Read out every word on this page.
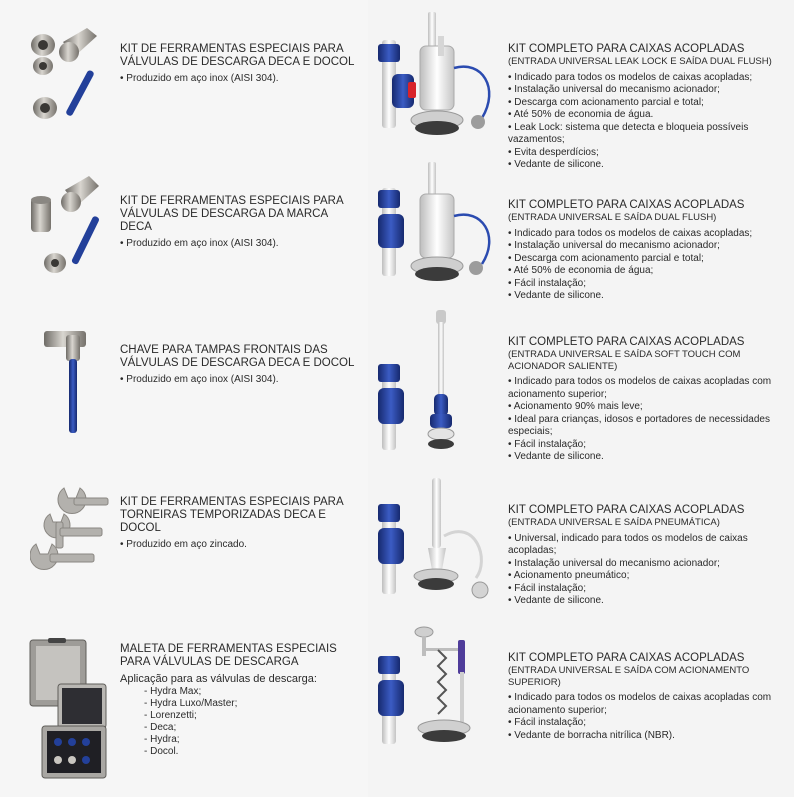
KIT DE FERRAMENTAS ESPECIAIS PARA VÁLVULAS DE DESCARGA DECA E DOCOL
• Produzido em aço inox (AISI 304).
KIT DE FERRAMENTAS ESPECIAIS PARA VÁLVULAS DE DESCARGA DA MARCA DECA
• Produzido em aço inox (AISI 304).
CHAVE PARA TAMPAS FRONTAIS DAS VÁLVULAS DE DESCARGA DECA E DOCOL
• Produzido em aço inox (AISI 304).
KIT DE FERRAMENTAS ESPECIAIS PARA TORNEIRAS TEMPORIZADAS DECA E DOCOL
• Produzido em aço zincado.
MALETA DE FERRAMENTAS ESPECIAIS PARA VÁLVULAS DE DESCARGA
Aplicação para as válvulas de descarga:
- Hydra Max;
- Hydra Luxo/Master;
- Lorenzetti;
- Deca;
- Hydra;
- Docol.
KIT COMPLETO PARA CAIXAS ACOPLADAS
(ENTRADA UNIVERSAL LEAK LOCK E SAÍDA DUAL FLUSH)
• Indicado para todos os modelos de caixas acopladas;
• Instalação universal do mecanismo acionador;
• Descarga com acionamento parcial e total;
• Até 50% de economia de água.
• Leak Lock: sistema que detecta e bloqueia possíveis vazamentos;
• Evita desperdícios;
• Vedante de silicone.
KIT COMPLETO PARA CAIXAS ACOPLADAS
(ENTRADA UNIVERSAL E SAÍDA DUAL FLUSH)
• Indicado para todos os modelos de caixas acopladas;
• Instalação universal do mecanismo acionador;
• Descarga com acionamento parcial e total;
• Até 50% de economia de água;
• Fácil instalação;
• Vedante de silicone.
KIT COMPLETO PARA CAIXAS ACOPLADAS
(ENTRADA UNIVERSAL E SAÍDA SOFT TOUCH COM ACIONADOR SALIENTE)
• Indicado para todos os modelos de caixas acopladas com acionamento superior;
• Acionamento 90% mais leve;
• Ideal para crianças, idosos e portadores de necessidades especiais;
• Fácil instalação;
• Vedante de silicone.
KIT COMPLETO PARA CAIXAS ACOPLADAS
(ENTRADA UNIVERSAL E SAÍDA PNEUMÁTICA)
• Universal, indicado para todos os modelos de caixas acopladas;
• Instalação universal do mecanismo acionador;
• Acionamento pneumático;
• Fácil instalação;
• Vedante de silicone.
KIT COMPLETO PARA CAIXAS ACOPLADAS
(ENTRADA UNIVERSAL E SAÍDA COM ACIONAMENTO SUPERIOR)
• Indicado para todos os modelos de caixas acopladas com acionamento superior;
• Fácil instalação;
• Vedante de borracha nitrílica (NBR).
